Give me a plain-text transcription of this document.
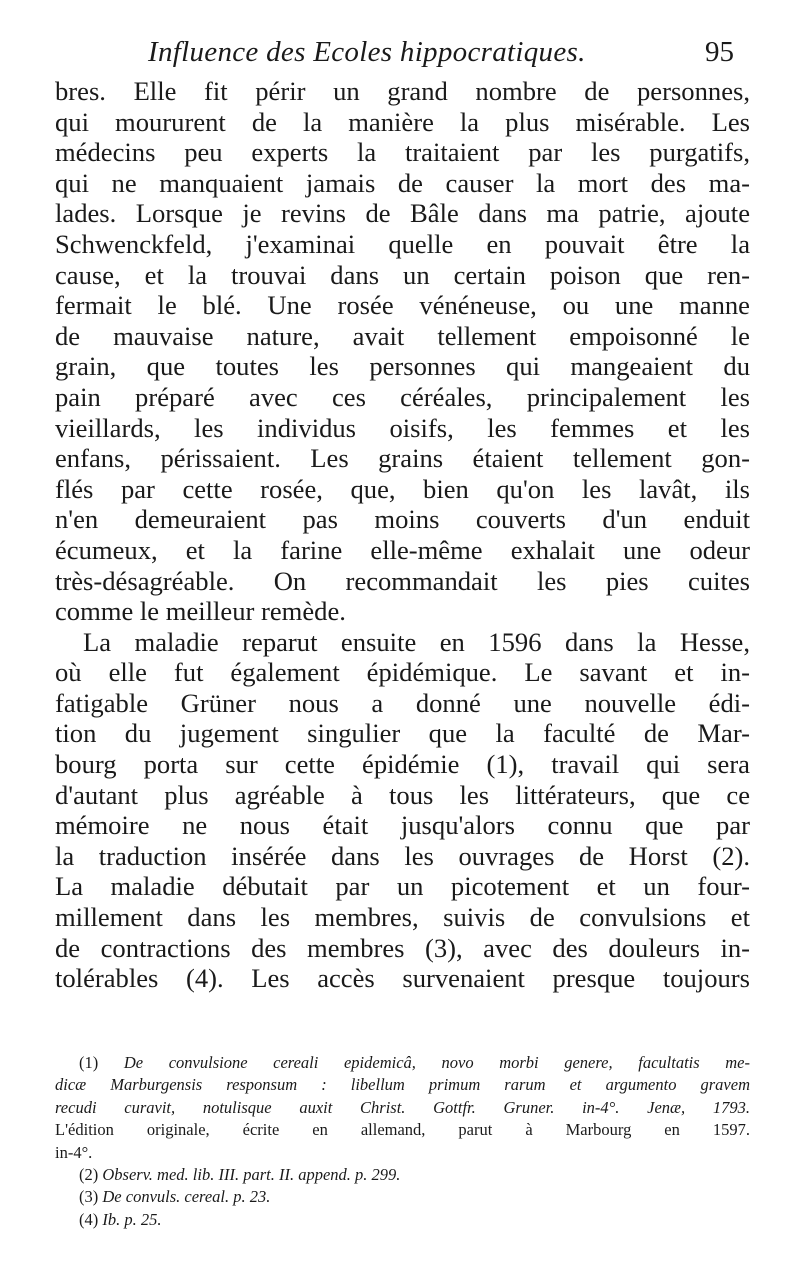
Influence des Ecoles hippocratiques.	95
bres. Elle fit périr un grand nombre de personnes,
qui moururent de la manière la plus misérable. Les
médecins peu experts la traitaient par les purgatifs,
qui ne manquaient jamais de causer la mort des ma-
lades. Lorsque je revins de Bâle dans ma patrie, ajoute
Schwenckfeld, j'examinai quelle en pouvait être la
cause, et la trouvai dans un certain poison que ren-
fermait le blé. Une rosée vénéneuse, ou une manne
de mauvaise nature, avait tellement empoisonné le
grain, que toutes les personnes qui mangeaient du
pain préparé avec ces céréales, principalement les
vieillards, les individus oisifs, les femmes et les
enfans, périssaient. Les grains étaient tellement gon-
flés par cette rosée, que, bien qu'on les lavât, ils
n'en demeuraient pas moins couverts d'un enduit
écumeux, et la farine elle-même exhalait une odeur
très-désagréable. On recommandait les pies cuites
comme le meilleur remède.
La maladie reparut ensuite en 1596 dans la Hesse,
où elle fut également épidémique. Le savant et in-
fatigable Grüner nous a donné une nouvelle édi-
tion du jugement singulier que la faculté de Mar-
bourg porta sur cette épidémie (1), travail qui sera
d'autant plus agréable à tous les littérateurs, que ce
mémoire ne nous était jusqu'alors connu que par
la traduction insérée dans les ouvrages de Horst (2).
La maladie débutait par un picotement et un four-
millement dans les membres, suivis de convulsions et
de contractions des membres (3), avec des douleurs in-
tolérables (4). Les accès survenaient presque toujours
(1) De convulsione cereali epidemicâ, novo morbi genere, facultatis me-
dicæ Marburgensis responsum : libellum primum rarum et argumento gravem
recudi curavit, notulisque auxit Christ. Gottfr. Gruner. in-4°. Jenæ, 1793.
L'édition originale, écrite en allemand, parut à Marbourg en 1597.
in-4°.
(2) Observ. med. lib. III. part. II. append. p. 299.
(3) De convuls. cereal. p. 23.
(4) Ib. p. 25.
